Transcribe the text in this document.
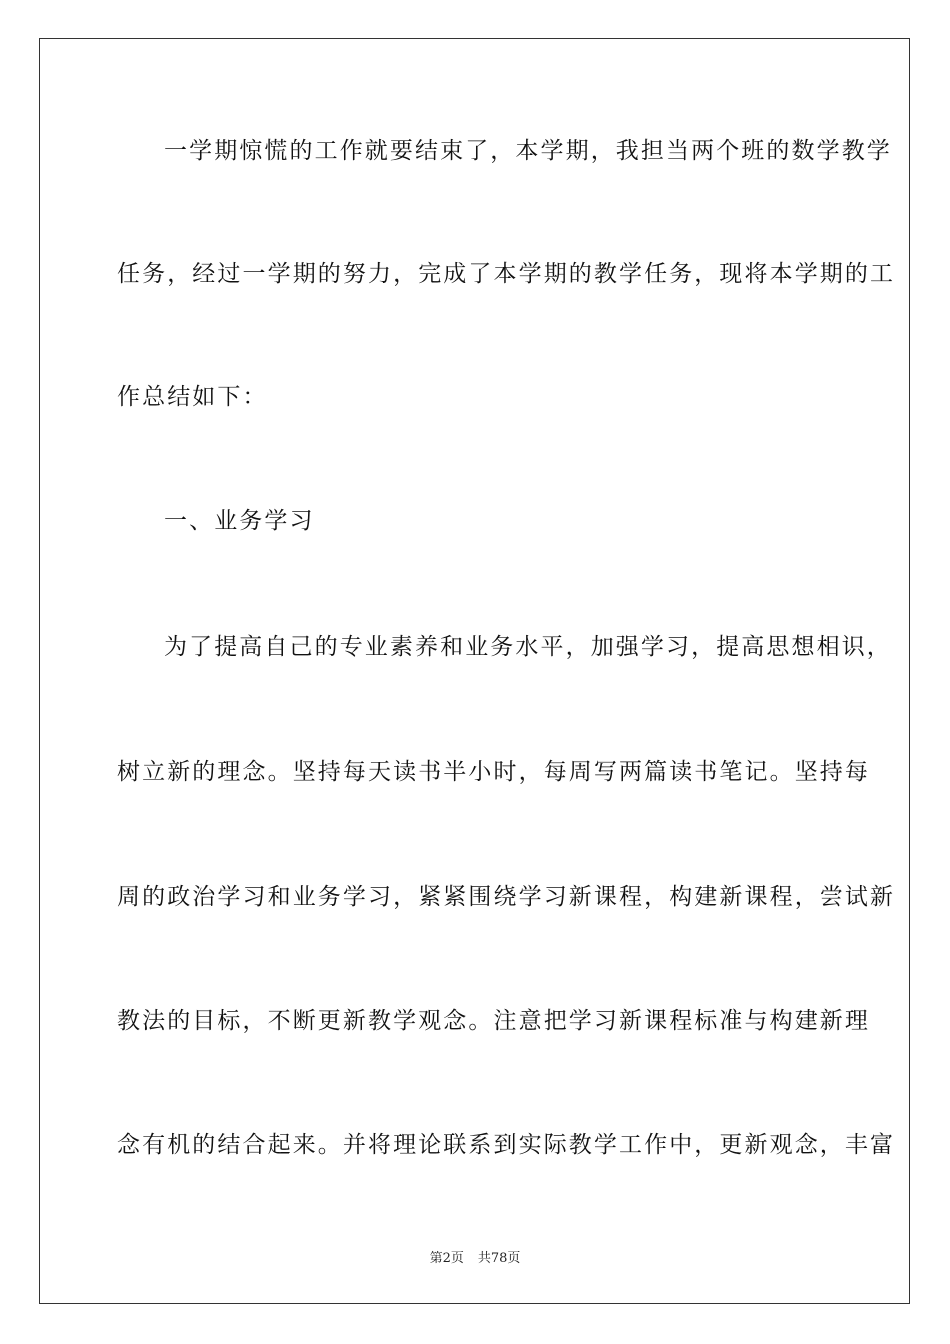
一学期惊慌的工作就要结束了，本学期，我担当两个班的数学教学
任务，经过一学期的努力，完成了本学期的教学任务，现将本学期的工
作总结如下：
一、业务学习
为了提高自己的专业素养和业务水平，加强学习，提高思想相识，
树立新的理念。坚持每天读书半小时，每周写两篇读书笔记。坚持每
周的政治学习和业务学习，紧紧围绕学习新课程，构建新课程，尝试新
教法的目标，不断更新教学观念。注意把学习新课程标准与构建新理
念有机的结合起来。并将理论联系到实际教学工作中，更新观念，丰富
第2页 共78页
